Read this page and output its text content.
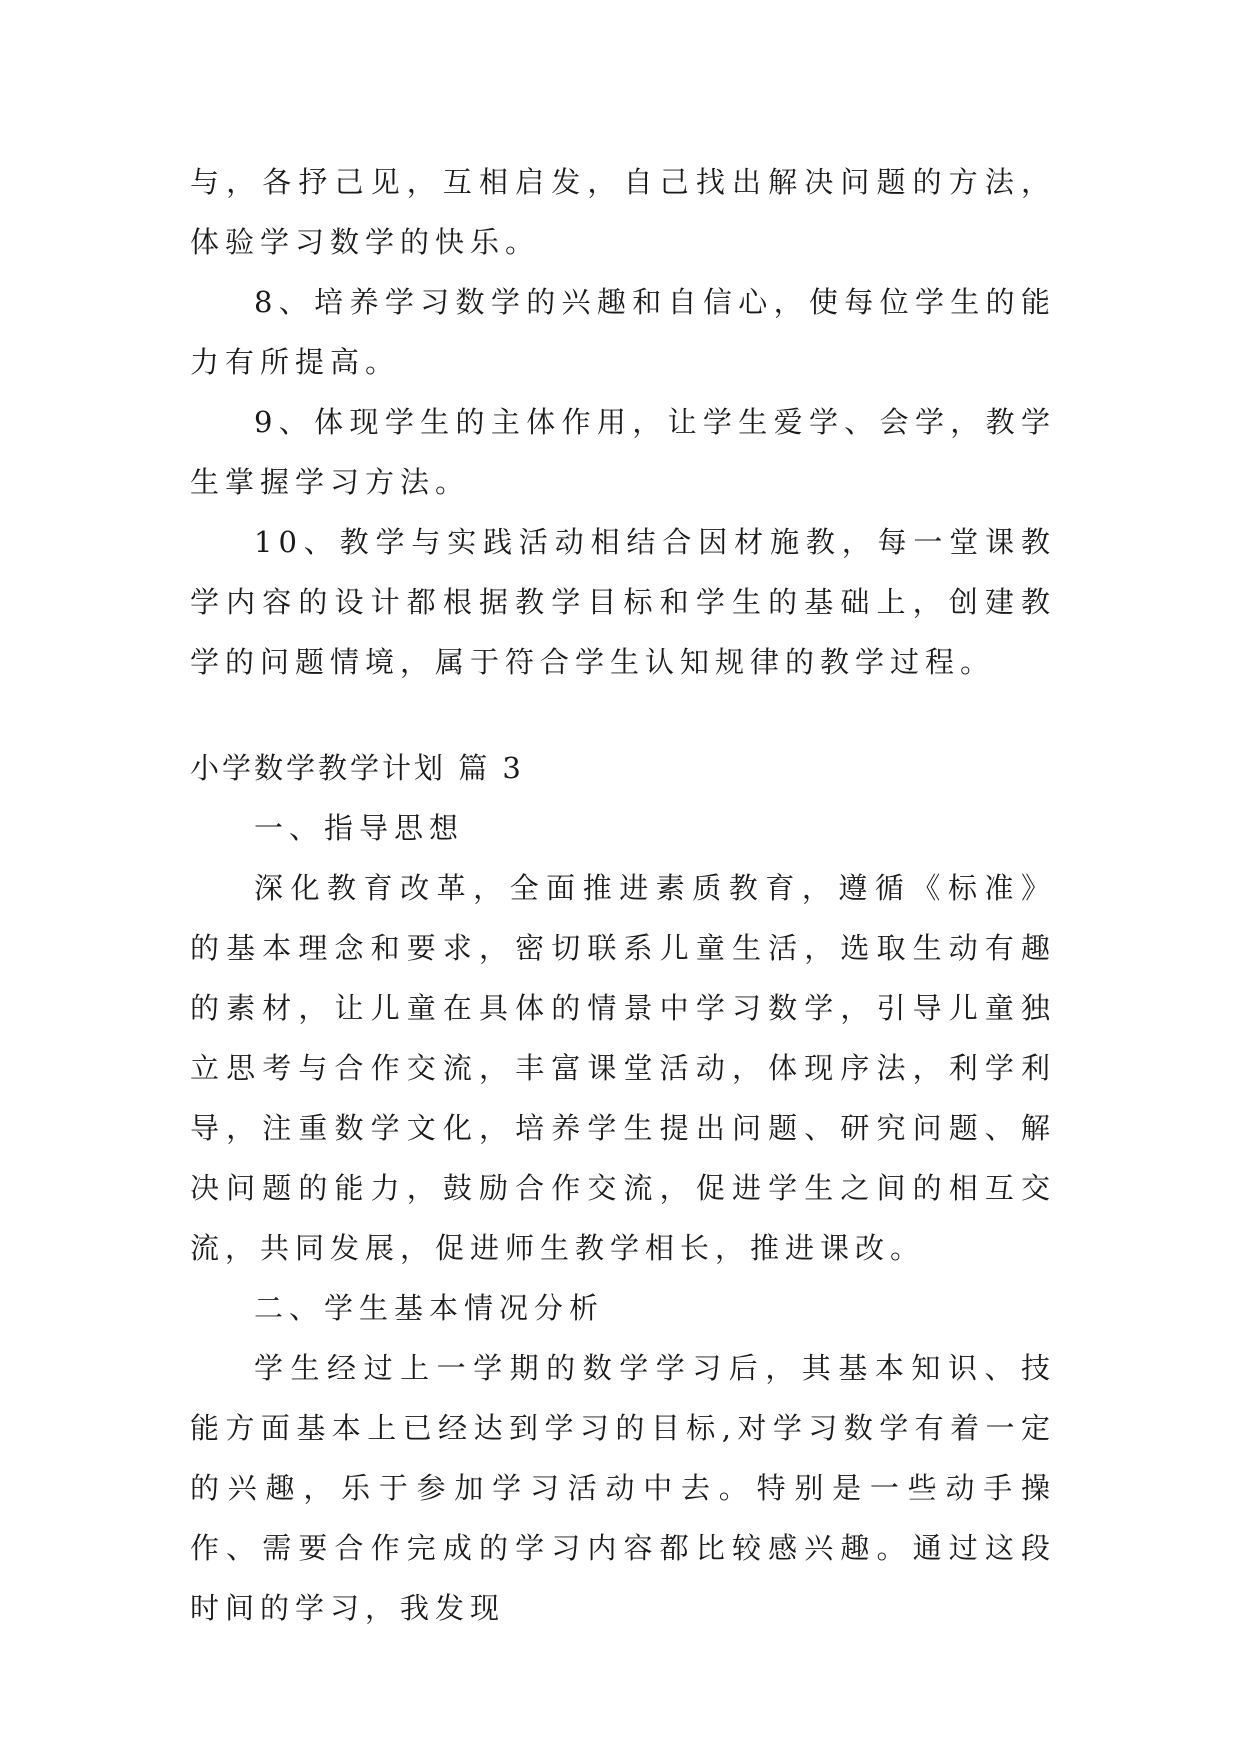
与，各抒己见，互相启发，自己找出解决问题的方法，体验学习数学的快乐。

8、培养学习数学的兴趣和自信心，使每位学生的能力有所提高。

9、体现学生的主体作用，让学生爱学、会学，教学生掌握学习方法。

10、教学与实践活动相结合因材施教，每一堂课教学内容的设计都根据教学目标和学生的基础上，创建教学的问题情境，属于符合学生认知规律的教学过程。

小学数学教学计划 篇 3

一、指导思想

深化教育改革，全面推进素质教育，遵循《标准》的基本理念和要求，密切联系儿童生活，选取生动有趣的素材，让儿童在具体的情景中学习数学，引导儿童独立思考与合作交流，丰富课堂活动，体现序法，利学利导，注重数学文化，培养学生提出问题、研究问题、解决问题的能力，鼓励合作交流，促进学生之间的相互交流，共同发展，促进师生教学相长，推进课改。

二、学生基本情况分析

学生经过上一学期的数学学习后，其基本知识、技能方面基本上已经达到学习的目标,对学习数学有着一定的兴趣，乐于参加学习活动中去。特别是一些动手操作、需要合作完成的学习内容都比较感兴趣。通过这段时间的学习，我发现
